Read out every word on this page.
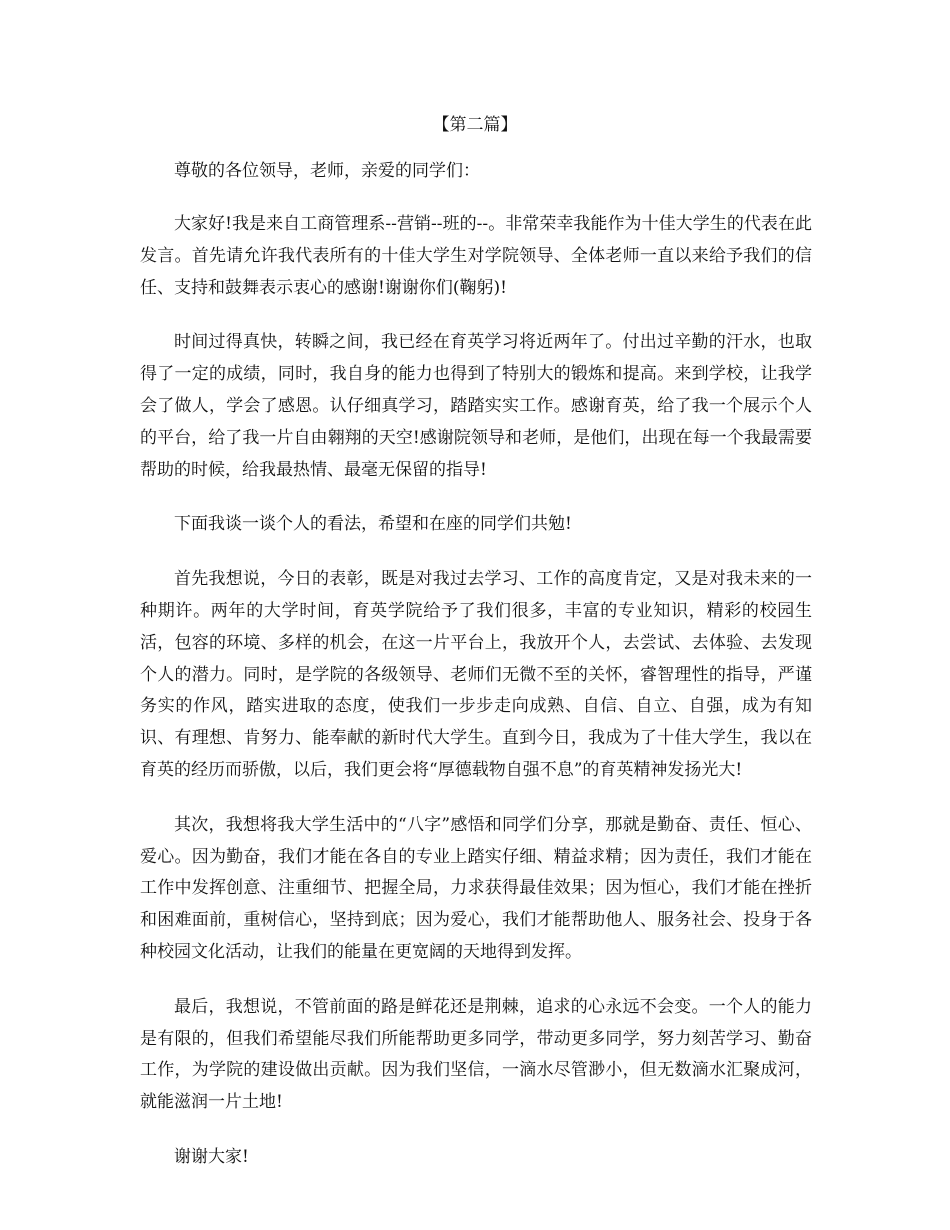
【第二篇】

尊敬的各位领导，老师，亲爱的同学们：

大家好!我是来自工商管理系--营销--班的--。非常荣幸我能作为十佳大学生的代表在此发言。首先请允许我代表所有的十佳大学生对学院领导、全体老师一直以来给予我们的信任、支持和鼓舞表示衷心的感谢!谢谢你们(鞠躬)!

时间过得真快，转瞬之间，我已经在育英学习将近两年了。付出过辛勤的汗水，也取得了一定的成绩，同时，我自身的能力也得到了特别大的锻炼和提高。来到学校，让我学会了做人，学会了感恩。认仔细真学习，踏踏实实工作。感谢育英，给了我一个展示个人的平台，给了我一片自由翱翔的天空!感谢院领导和老师，是他们，出现在每一个我最需要帮助的时候，给我最热情、最毫无保留的指导!

下面我谈一谈个人的看法，希望和在座的同学们共勉!

首先我想说，今日的表彰，既是对我过去学习、工作的高度肯定，又是对我未来的一种期许。两年的大学时间，育英学院给予了我们很多，丰富的专业知识，精彩的校园生活，包容的环境、多样的机会，在这一片平台上，我放开个人，去尝试、去体验、去发现个人的潜力。同时，是学院的各级领导、老师们无微不至的关怀，睿智理性的指导，严谨务实的作风，踏实进取的态度，使我们一步步走向成熟、自信、自立、自强，成为有知识、有理想、肯努力、能奉献的新时代大学生。直到今日，我成为了十佳大学生，我以在育英的经历而骄傲，以后，我们更会将“厚德载物自强不息”的育英精神发扬光大!

其次，我想将我大学生活中的“八字”感悟和同学们分享，那就是勤奋、责任、恒心、爱心。因为勤奋，我们才能在各自的专业上踏实仔细、精益求精；因为责任，我们才能在工作中发挥创意、注重细节、把握全局，力求获得最佳效果；因为恒心，我们才能在挫折和困难面前，重树信心，坚持到底；因为爱心，我们才能帮助他人、服务社会、投身于各种校园文化活动，让我们的能量在更宽阔的天地得到发挥。

最后，我想说，不管前面的路是鲜花还是荆棘，追求的心永远不会变。一个人的能力是有限的，但我们希望能尽我们所能帮助更多同学，带动更多同学，努力刻苦学习、勤奋工作，为学院的建设做出贡献。因为我们坚信，一滴水尽管渺小，但无数滴水汇聚成河，就能滋润一片土地!

谢谢大家!
